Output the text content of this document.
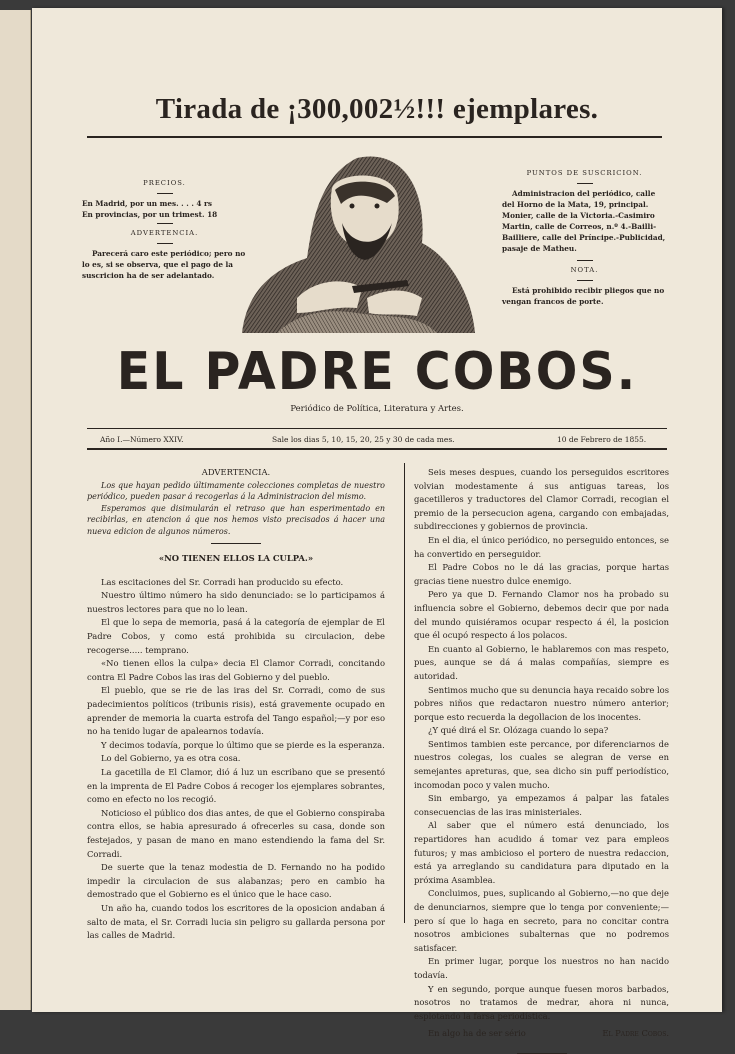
Tirada de ¡300,002½!!! ejemplares.
PRECIOS.
En Madrid, por un mes. . . . 4 rs
En provincias, por un trimest. 18
ADVERTENCIA.
Parecerá caro este periódico; pero no lo es, si se observa, que el pago de la suscricion ha de ser adelantado.
PUNTOS DE SUSCRICION.
Administracion del periódico, calle del Horno de la Mata, 19, principal. Monier, calle de la Victoria.-Casimiro Martin, calle de Correos, n.º 4.-Bailli-Bailliere, calle del Príncipe.-Publicidad, pasaje de Matheu.
NOTA.
Está prohibido recibir pliegos que no vengan francos de porte.
EL PADRE COBOS.
Periódico de Política, Literatura y Artes.
Año I.—Número XXIV.	Sale los dias 5, 10, 15, 20, 25 y 30 de cada mes.	10 de Febrero de 1855.

ADVERTENCIA.

Los que hayan pedido últimamente colecciones completas de nuestro periódico, pueden pasar á recogerlas á la Administracion del mismo.

Esperamos que disimularán el retraso que han esperimentado en recibirlas, en atencion á que nos hemos visto precisados á hacer una nueva edicion de algunos números.

«NO TIENEN ELLOS LA CULPA.»

Las escitaciones del Sr. Corradi han producido su efecto.

Nuestro último número ha sido denunciado: se lo participamos á nuestros lectores para que no lo lean.

El que lo sepa de memoria, pasá á la categoría de ejemplar de El Padre Cobos, y como está prohibida su circulacion, debe recogerse..... temprano.

«No tienen ellos la culpa» decia El Clamor Corradi, concitando contra El Padre Cobos las iras del Gobierno y del pueblo.

El pueblo, que se rie de las iras del Sr. Corradi, como de sus padecimientos políticos (tribunis risis), está gravemente ocupado en aprender de memoria la cuarta estrofa del Tango español;—y por eso no ha tenido lugar de apalearnos todavía.

Y decimos todavía, porque lo último que se pierde es la esperanza.

Lo del Gobierno, ya es otra cosa.

La gacetilla de El Clamor, dió á luz un escribano que se presentó en la imprenta de El Padre Cobos á recoger los ejemplares sobrantes, como en efecto no los recogió.

Noticioso el público dos dias antes, de que el Gobierno conspiraba contra ellos, se habia apresurado á ofrecerles su casa, donde son festejados, y pasan de mano en mano estendiendo la fama del Sr. Corradi.

De suerte que la tenaz modestia de D. Fernando no ha podido impedir la circulacion de sus alabanzas; pero en cambio ha demostrado que el Gobierno es el único que le hace caso.

Un año ha, cuando todos los escritores de la oposicion andaban á salto de mata, el Sr. Corradi lucia sin peligro su gallarda persona por las calles de Madrid.

Seis meses despues, cuando los perseguidos escritores volvian modestamente á sus antiguas tareas, los gacetilleros y traductores del Clamor Corradi, recogian el premio de la persecucion agena, cargando con embajadas, subdirecciones y gobiernos de provincia.

En el dia, el único periódico, no perseguido entonces, se ha convertido en perseguidor.

El Padre Cobos no le dá las gracias, porque hartas gracias tiene nuestro dulce enemigo.

Pero ya que D. Fernando Clamor nos ha probado su influencia sobre el Gobierno, debemos decir que por nada del mundo quisiéramos ocupar respecto á él, la posicion que él ocupó respecto á los polacos.

En cuanto al Gobierno, le hablaremos con mas respeto, pues, aunque se dá á malas compañías, siempre es autoridad.

Sentimos mucho que su denuncia haya recaido sobre los pobres niños que redactaron nuestro número anterior; porque esto recuerda la degollacion de los inocentes.

¿Y qué dirá el Sr. Olózaga cuando lo sepa?

Sentimos tambien este percance, por diferenciarnos de nuestros colegas, los cuales se alegran de verse en semejantes apreturas, que, sea dicho sin puff periodístico, incomodan poco y valen mucho.

Sin embargo, ya empezamos á palpar las fatales consecuencias de las iras ministeriales.

Al saber que el número está denunciado, los repartidores han acudido á tomar vez para empleos futuros; y mas ambicioso el portero de nuestra redaccion, está ya arreglando su candidatura para diputado en la próxima Asamblea.

Concluimos, pues, suplicando al Gobierno,—no que deje de denunciarnos, siempre que lo tenga por conveniente;—pero sí que lo haga en secreto, para no concitar contra nosotros ambiciones subalternas que no podremos satisfacer.

En primer lugar, porque los nuestros no han nacido todavía.

Y en segundo, porque aunque fuesen moros barbados, nosotros no tratamos de medrar, ahora ni nunca, esplotando la farsa periodística.

En algo ha de ser sério	El Padre Cobos.
